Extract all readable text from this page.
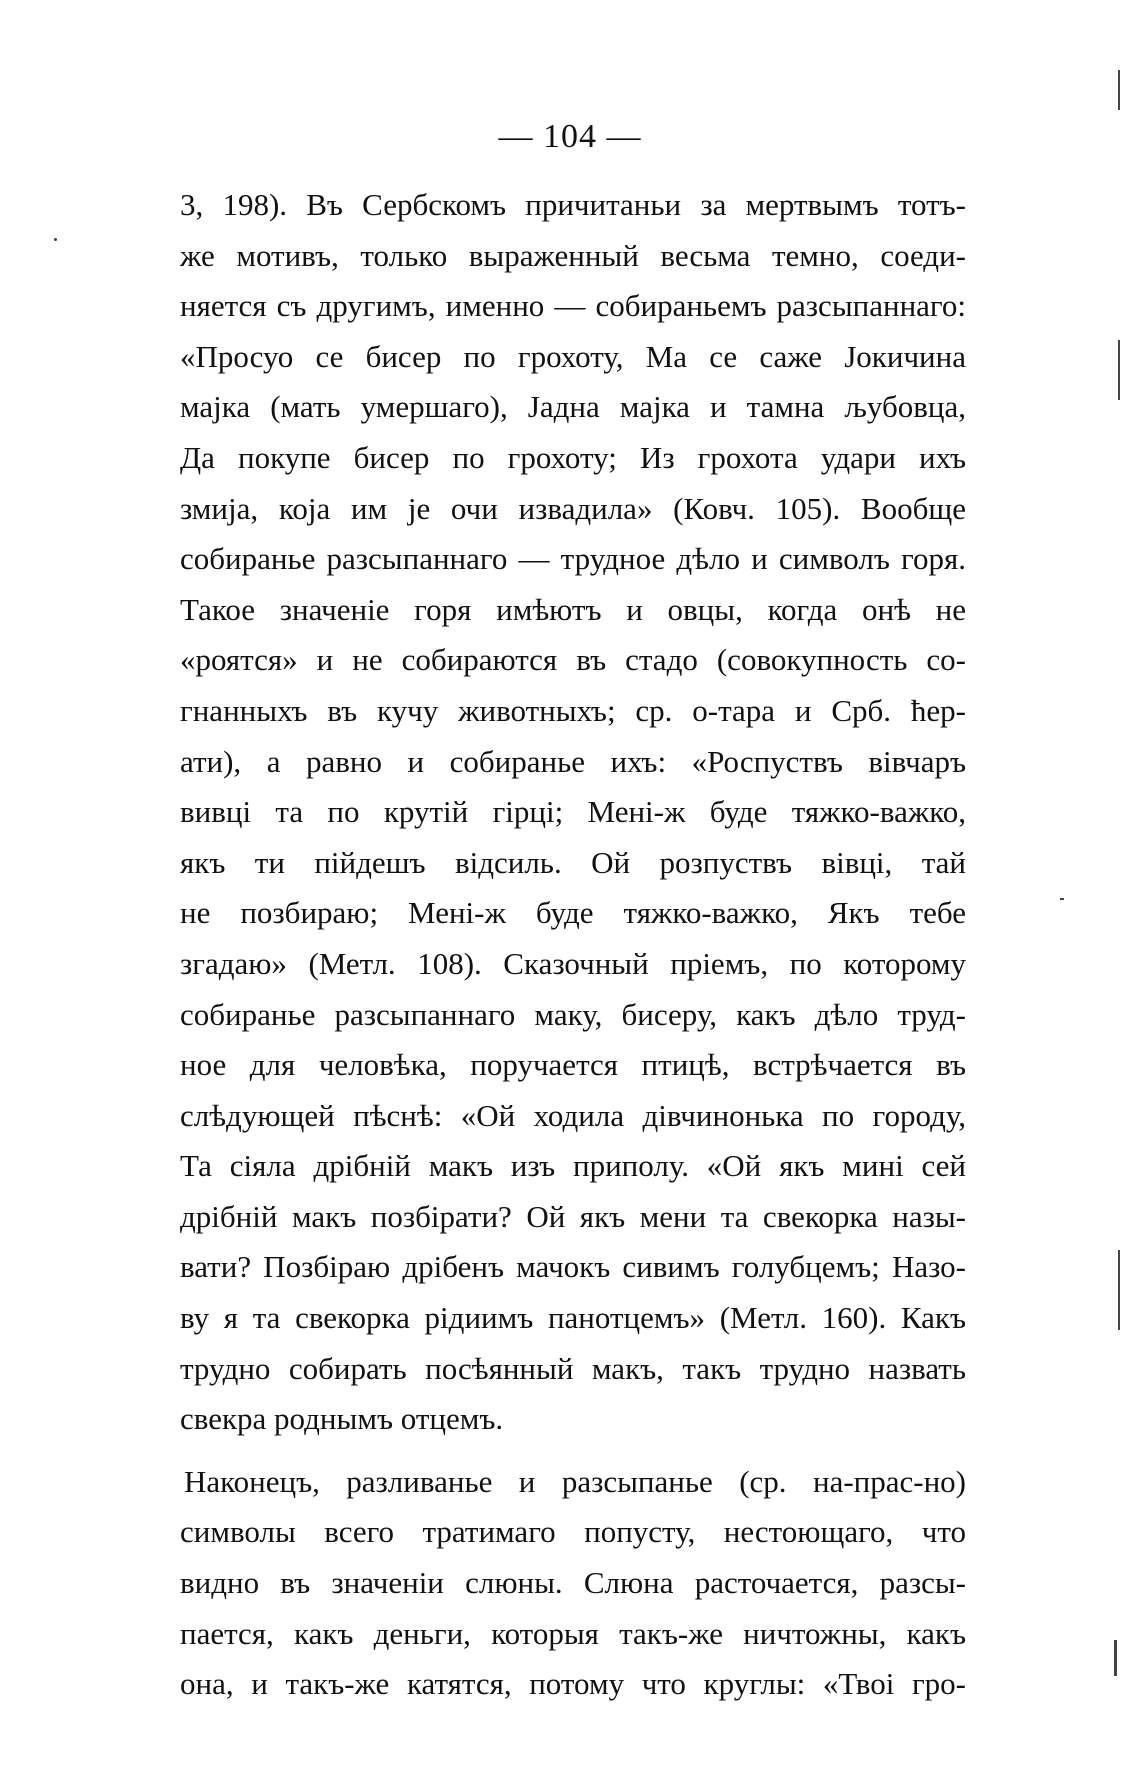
— 104 —
3, 198). Въ Сербскомъ причитаньи за мертвымъ тотъ-
же мотивъ, только выраженный весьма темно, соеди-
няется съ другимъ, именно — собираньемъ разсыпаннаго:
«Просуо се бисер по грохоту, Ма се саже Јокичина
мајка (мать умершаго), Јадна мајка и тамна љубовца,
Да покупе бисер по грохоту; Из грохота удари ихъ
змија, која им је очи извадила» (Ковч. 105). Вообще
собиранье разсыпаннаго — трудное дѣло и символъ горя.
Такое значеніе горя имѣютъ и овцы, когда онѣ не
«роятся» и не собираются въ стадо (совокупность со-
гнанныхъ въ кучу животныхъ; ср. о-тара и Срб. ћер-
ати), а равно и собиранье ихъ: «Роспуствъ вівчаръ
вивці та по крутій гірці; Мені-ж буде тяжко-важко,
якъ ти пійдешъ відсиль. Ой розпуствъ вівці, тай
не позбираю; Мені-ж буде тяжко-важко, Якъ тебе
згадаю» (Метл. 108). Сказочный пріемъ, по которому
собиранье разсыпаннаго маку, бисеру, какъ дѣло труд-
ное для человѣка, поручается птицѣ, встрѣчается въ
слѣдующей пѣснѣ: «Ой ходила дівчинонька по городу,
Та сіяла дрібній макъ изъ приполу. «Ой якъ мині сей
дрібній макъ позбірати? Ой якъ мени та свекорка назы-
вати? Позбіраю дрібенъ мачокъ сивимъ голубцемъ; Назо-
ву я та свекорка рідиимъ панотцемъ» (Метл. 160). Какъ
трудно собирать посѣянный макъ, такъ трудно назвать
свекра роднымъ отцемъ.
Наконецъ, разливанье и разсыпанье (ср. на-прас-но)
символы всего тратимаго попусту, нестоющаго, что
видно въ значеніи слюны. Слюна расточается, разсы-
пается, какъ деньги, которыя такъ-же ничтожны, какъ
она, и такъ-же катятся, потому что круглы: «Твоі гро-
